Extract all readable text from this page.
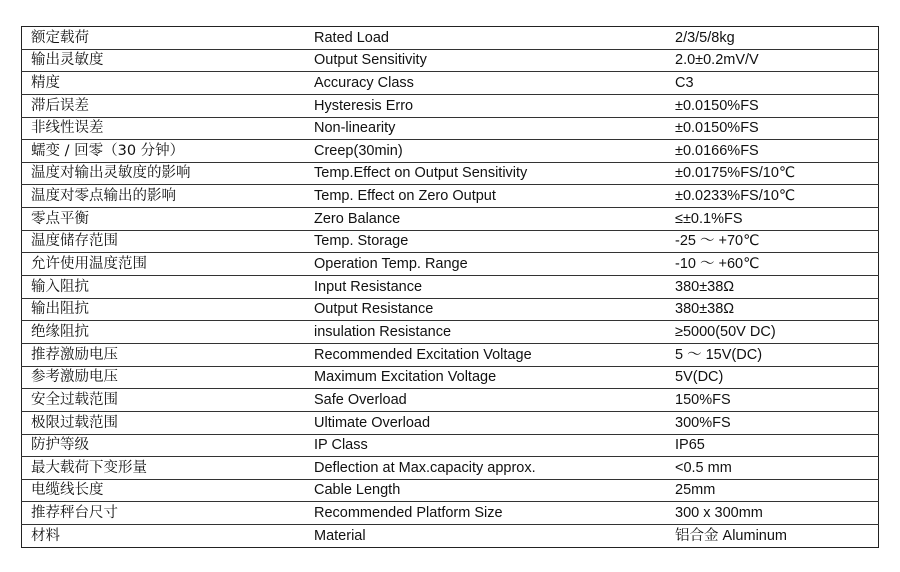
额定载荷	Rated Load	2/3/5/8kg
输出灵敏度	Output Sensitivity	2.0±0.2mV/V
精度	Accuracy Class	C3
滞后误差	Hysteresis Erro	±0.0150%FS
非线性误差	Non-linearity	±0.0150%FS
蠕变 / 回零（30 分钟）	Creep(30min)	±0.0166%FS
温度对输出灵敏度的影响	Temp.Effect on Output Sensitivity	±0.0175%FS/10℃
温度对零点输出的影响	Temp. Effect on Zero Output	±0.0233%FS/10℃
零点平衡	Zero Balance	≤±0.1%FS
温度储存范围	Temp. Storage	-25 ～ +70℃
允许使用温度范围	Operation Temp. Range	-10 ～ +60℃
输入阻抗	Input Resistance	380±38Ω
输出阻抗	Output Resistance	380±38Ω
绝缘阻抗	insulation Resistance	≥5000(50V DC)
推荐激励电压	Recommended Excitation Voltage	5 ～ 15V(DC)
参考激励电压	Maximum Excitation Voltage	5V(DC)
安全过载范围	Safe Overload	150%FS
极限过载范围	Ultimate Overload	300%FS
防护等级	IP Class	IP65
最大载荷下变形量	Deflection at Max.capacity approx.	<0.5 mm
电缆线长度	Cable Length	25mm
推荐秤台尺寸	Recommended Platform Size	300 x 300mm
材料	Material	铝合金 Aluminum
